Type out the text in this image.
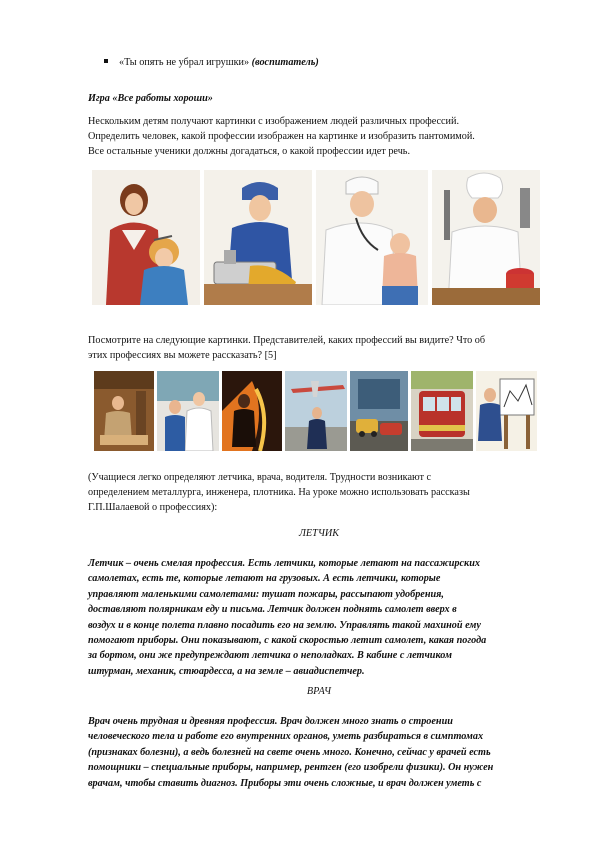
«Ты опять не убрал игрушки» (воспитатель)
Игра «Все работы хороши»
Нескольким детям получают картинки с изображением людей различных профессий.
Определить человек, какой профессии изображен на картинке и изобразить пантомимой.
Все остальные ученики должны догадаться, о какой профессии идет речь.
Посмотрите на следующие картинки. Представителей, каких профессий вы видите? Что об
этих профессиях вы можете рассказать? [5]
(Учащиеся легко определяют летчика, врача, водителя. Трудности возникают с
определением металлурга, инженера, плотника. На уроке можно использовать рассказы
Г.П.Шалаевой о профессиях):
ЛЕТЧИК
Летчик – очень смелая профессия. Есть летчики, которые летают на пассажирских
самолетах, есть те, которые летают на грузовых. А есть летчики, которые
управляют маленькими самолетами: тушат пожары, рассыпают удобрения,
доставляют полярникам еду и письма. Летчик должен поднять самолет вверх в
воздух и в конце полета плавно посадить его на землю. Управлять такой махиной ему
помогают приборы. Они показывают, с какой скоростью летит самолет, какая погода
за бортом, они же предупреждают летчика о неполадках. В кабине с летчиком
штурман, механик, стюардесса, а на земле – авиадиспетчер.
ВРАЧ
Врач очень трудная и древняя профессия. Врач должен много знать о строении
человеческого тела и работе его внутренних органов, уметь разбираться в симптомах
(признаках болезни), а ведь болезней на свете очень много. Конечно, сейчас у врачей есть
помощники – специальные приборы, например, рентген (его изобрели физики). Он нужен
врачам, чтобы ставить диагноз. Приборы эти очень сложные, и врач должен уметь с
